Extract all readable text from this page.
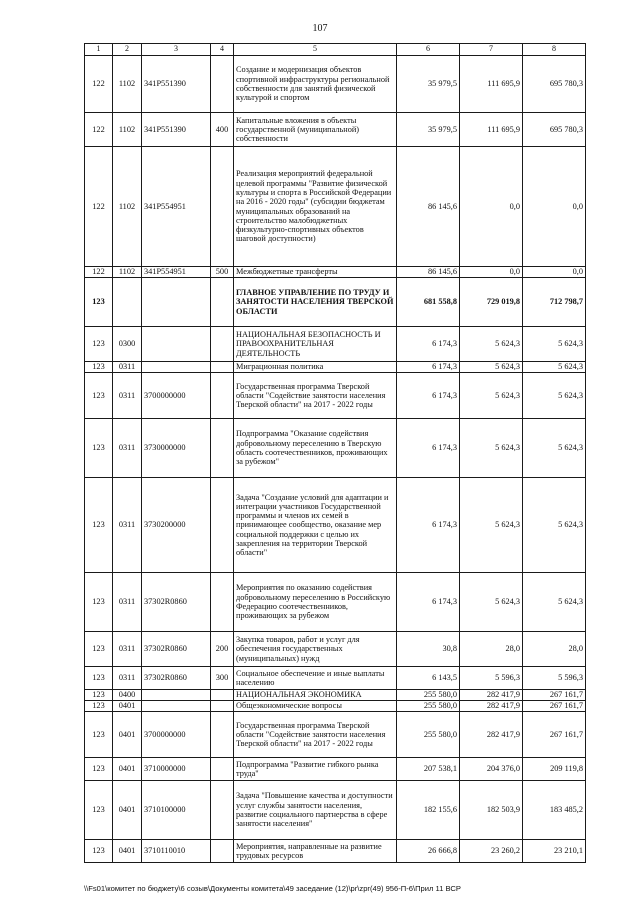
107
1	2	3	4	5	6	7	8
122	1102	341P551390		Создание и модернизация объектов спортивной инфраструктуры региональной собственности для занятий физической культурой и спортом	35 979,5	111 695,9	695 780,3
122	1102	341P551390	400	Капитальные вложения в объекты государственной (муниципальной) собственности	35 979,5	111 695,9	695 780,3
122	1102	341P554951		Реализация мероприятий федеральной целевой программы "Развитие физической культуры и спорта в Российской Федерации на 2016 - 2020 годы" (субсидии бюджетам муниципальных образований на строительство малобюджетных физкультурно-спортивных объектов шаговой доступности)	86 145,6	0,0	0,0
122	1102	341P554951	500	Межбюджетные трансферты	86 145,6	0,0	0,0
123				ГЛАВНОЕ УПРАВЛЕНИЕ ПО ТРУДУ И ЗАНЯТОСТИ НАСЕЛЕНИЯ ТВЕРСКОЙ ОБЛАСТИ	681 558,8	729 019,8	712 798,7
123	0300			НАЦИОНАЛЬНАЯ БЕЗОПАСНОСТЬ И ПРАВООХРАНИТЕЛЬНАЯ ДЕЯТЕЛЬНОСТЬ	6 174,3	5 624,3	5 624,3
123	0311			Миграционная политика	6 174,3	5 624,3	5 624,3
123	0311	3700000000		Государственная программа Тверской области "Содействие занятости населения Тверской области" на 2017 - 2022 годы	6 174,3	5 624,3	5 624,3
123	0311	3730000000		Подпрограмма "Оказание содействия добровольному переселению в Тверскую область соотечественников, проживающих за рубежом"	6 174,3	5 624,3	5 624,3
123	0311	3730200000		Задача "Создание условий для адаптации и интеграции участников Государственной программы и членов их семей в принимающее сообщество, оказание мер социальной поддержки с целью их закрепления на территории Тверской области"	6 174,3	5 624,3	5 624,3
123	0311	37302R0860		Мероприятия по оказанию содействия добровольному переселению в Российскую Федерацию соотечественников, проживающих за рубежом	6 174,3	5 624,3	5 624,3
123	0311	37302R0860	200	Закупка товаров, работ и услуг для обеспечения государственных (муниципальных) нужд	30,8	28,0	28,0
123	0311	37302R0860	300	Социальное обеспечение и иные выплаты населению	6 143,5	5 596,3	5 596,3
123	0400			НАЦИОНАЛЬНАЯ ЭКОНОМИКА	255 580,0	282 417,9	267 161,7
123	0401			Общеэкономические вопросы	255 580,0	282 417,9	267 161,7
123	0401	3700000000		Государственная программа Тверской области "Содействие занятости населения Тверской области" на 2017 - 2022 годы	255 580,0	282 417,9	267 161,7
123	0401	3710000000		Подпрограмма "Развитие гибкого рынка труда"	207 538,1	204 376,0	209 119,8
123	0401	3710100000		Задача "Повышение качества и доступности услуг службы занятости населения, развитие социального партнерства в сфере занятости населения"	182 155,6	182 503,9	183 485,2
123	0401	3710110010		Мероприятия, направленные на развитие трудовых ресурсов	26 666,8	23 260,2	23 210,1
\\Fs01\комитет по бюджету\6 созыв\Документы комитета\49 заседание (12)\pr\zpr(49) 956-П-6\Прил 11 ВСР
